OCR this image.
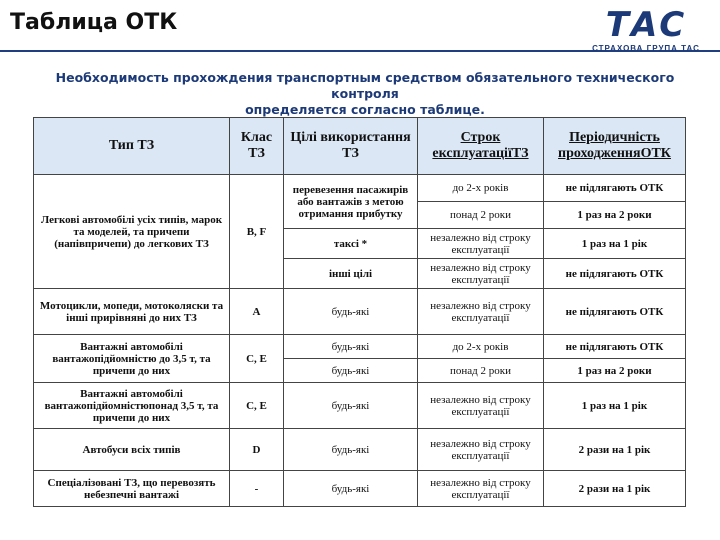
Таблица ОТК	ТАС
СТРАХОВА ГРУПА ТАС
Необходимость прохождения транспортным средством обязательного технического контроля
определяется согласно таблице.
Тип ТЗ	Клас ТЗ	Цілі використання ТЗ	Строк експлуатаціїТЗ	Періодичність проходженняОТК
Легкові автомобілі усіх типів, марок та моделей, та причепи (напівпричепи) до легкових ТЗ	B, F	перевезення пасажирів або вантажів з метою отримання прибутку	до 2-х років	не підлягають ОТК
			понад 2 роки	1 раз на 2 роки
		таксі *	незалежно від строку експлуатації	1 раз на 1 рік

		інші цілі	незалежно від строку експлуатації	не підлягають ОТК
Мотоцикли, мопеди, мотоколяски та інші прирівняні до них ТЗ	A	будь-які	незалежно від строку експлуатації	не підлягають ОТК
Вантажні автомобілі вантажопідйомністю до 3,5 т, та причепи до них	C, E	будь-які	до 2-х років	не підлягають ОТК
		будь-які	понад 2 роки	1 раз на 2 роки
Вантажні автомобілі вантажопідйомністюпонад 3,5 т, та причепи до них	C, E	будь-які	незалежно від строку експлуатації	1 раз на 1 рік
Автобуси всіх типів	D	будь-які	незалежно від строку експлуатації	2 рази на 1 рік
Спеціалізовані ТЗ, що перевозять небезпечні вантажі	-	будь-які	незалежно від строку експлуатації	2 рази на 1 рік
